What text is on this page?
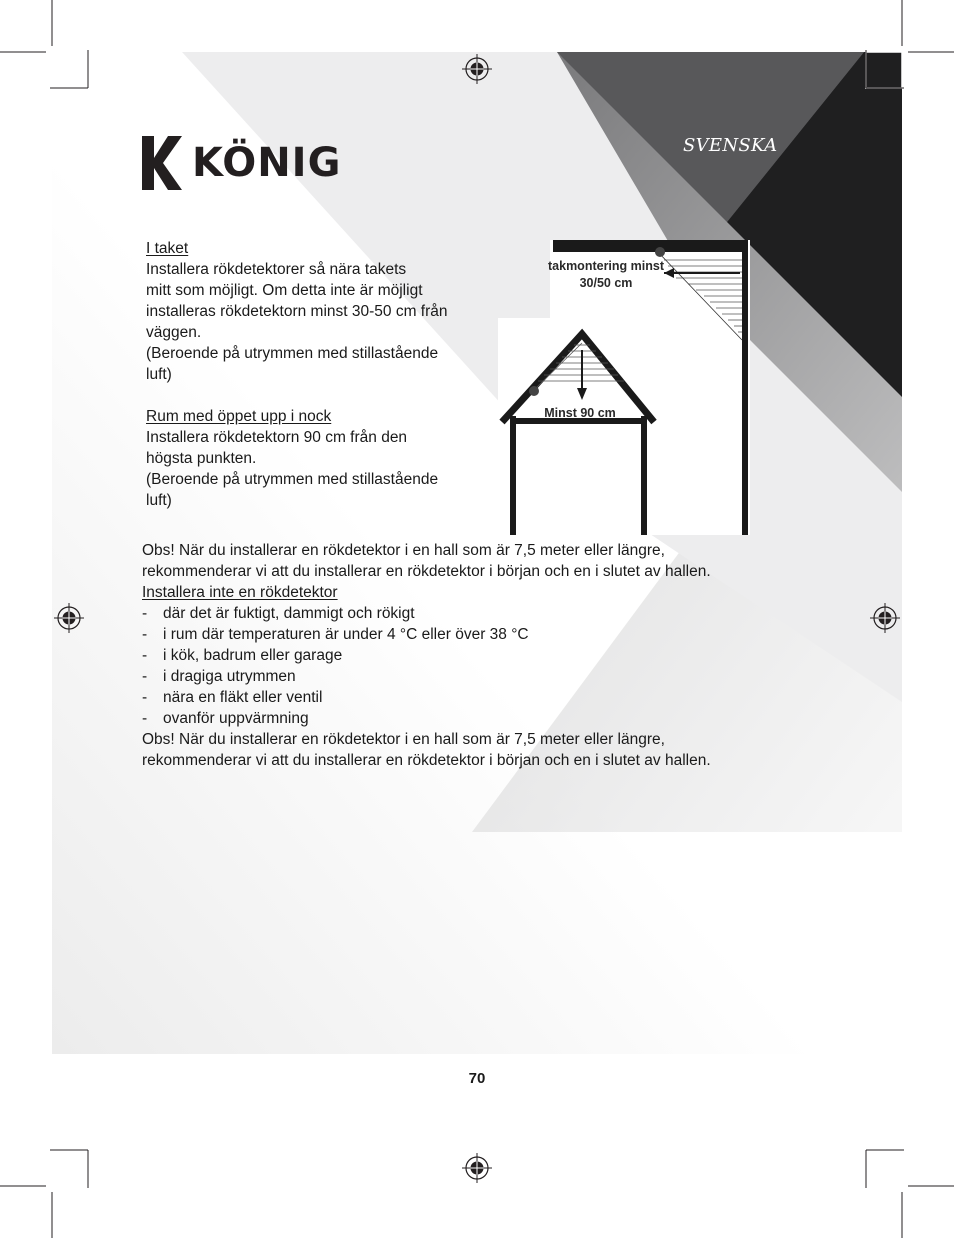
SVENSKA
KÖNIG

I taket

Installera rökdetektorer så nära takets

mitt som möjligt. Om detta inte är möjligt

installeras rökdetektorn minst 30-50 cm från

väggen.

(Beroende på utrymmen med stillastående

luft)

Rum med öppet upp i nock

Installera rökdetektorn 90 cm från den

högsta punkten.

(Beroende på utrymmen med stillastående

luft)

takmontering minst
30/50 cm
Minst 90 cm

Obs! När du installerar en rökdetektor i en hall som är 7,5 meter eller längre,

rekommenderar vi att du installerar en rökdetektor i början och en i slutet av hallen.

Installera inte en rökdetektor

-	där det är fuktigt, dammigt och rökigt
-	i rum där temperaturen är under 4 °C eller över 38 °C
-	i kök, badrum eller garage
-	i dragiga utrymmen
-	nära en fläkt eller ventil
-	ovanför uppvärmning

Obs! När du installerar en rökdetektor i en hall som är 7,5 meter eller längre,

rekommenderar vi att du installerar en rökdetektor i början och en i slutet av hallen.

70
